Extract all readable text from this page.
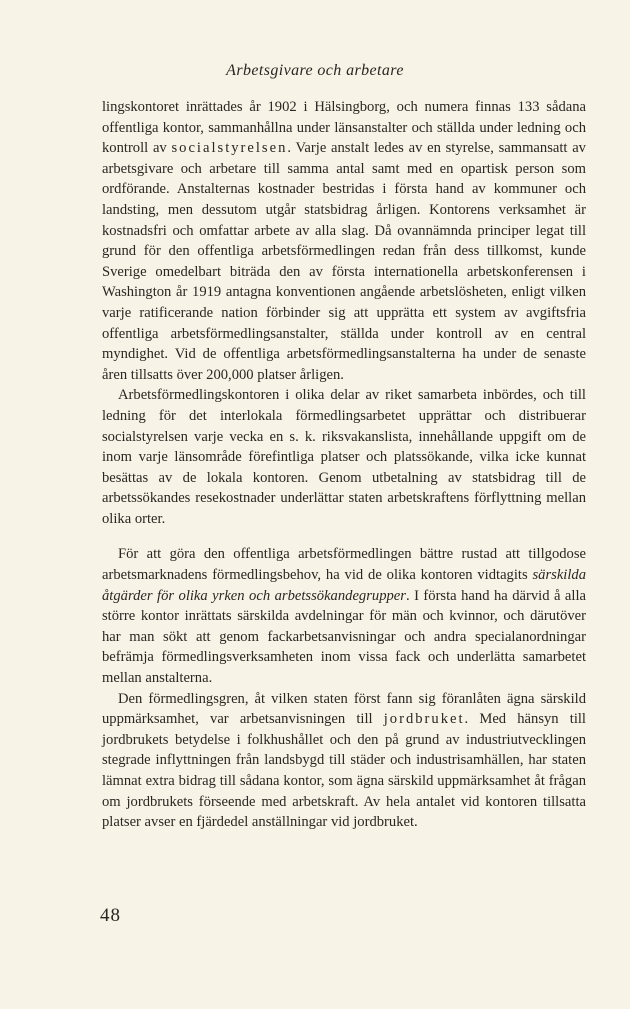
Arbetsgivare och arbetare

lingskontoret inrättades år 1902 i Hälsingborg, och numera finnas 133 sådana offentliga kontor, sammanhållna under länsanstalter och ställda under ledning och kontroll av socialstyrelsen. Varje anstalt ledes av en styrelse, sammansatt av arbetsgivare och arbetare till samma antal samt med en opartisk person som ordförande. Anstalternas kostnader bestridas i första hand av kommuner och landsting, men dessutom utgår statsbidrag årligen. Kontorens verksamhet är kostnadsfri och omfattar arbete av alla slag. Då ovannämnda principer legat till grund för den offentliga arbetsförmedlingen redan från dess tillkomst, kunde Sverige omedelbart biträda den av första internationella arbetskonferensen i Washington år 1919 antagna konventionen angående arbetslösheten, enligt vilken varje ratificerande nation förbinder sig att upprätta ett system av avgiftsfria offentliga arbetsförmedlingsanstalter, ställda under kontroll av en central myndighet. Vid de offentliga arbetsförmedlingsanstalterna ha under de senaste åren tillsatts över 200,000 platser årligen.

Arbetsförmedlingskontoren i olika delar av riket samarbeta inbördes, och till ledning för det interlokala förmedlingsarbetet upprättar och distribuerar socialstyrelsen varje vecka en s. k. riksvakanslista, innehållande uppgift om de inom varje länsområde förefintliga platser och platssökande, vilka icke kunnat besättas av de lokala kontoren. Genom utbetalning av statsbidrag till de arbetssökandes resekostnader underlättar staten arbetskraftens förflyttning mellan olika orter.

För att göra den offentliga arbetsförmedlingen bättre rustad att tillgodose arbetsmarknadens förmedlingsbehov, ha vid de olika kontoren vidtagits särskilda åtgärder för olika yrken och arbetssökandegrupper. I första hand ha därvid å alla större kontor inrättats särskilda avdelningar för män och kvinnor, och därutöver har man sökt att genom fackarbetsanvisningar och andra specialanordningar befrämja förmedlingsverksamheten inom vissa fack och underlätta samarbetet mellan anstalterna.

Den förmedlingsgren, åt vilken staten först fann sig föranlåten ägna särskild uppmärksamhet, var arbetsanvisningen till jordbruket. Med hänsyn till jordbrukets betydelse i folkhushållet och den på grund av industriutvecklingen stegrade inflyttningen från landsbygd till städer och industrisamhällen, har staten lämnat extra bidrag till sådana kontor, som ägna särskild uppmärksamhet åt frågan om jordbrukets förseende med arbetskraft. Av hela antalet vid kontoren tillsatta platser avser en fjärdedel anställningar vid jordbruket.

48
